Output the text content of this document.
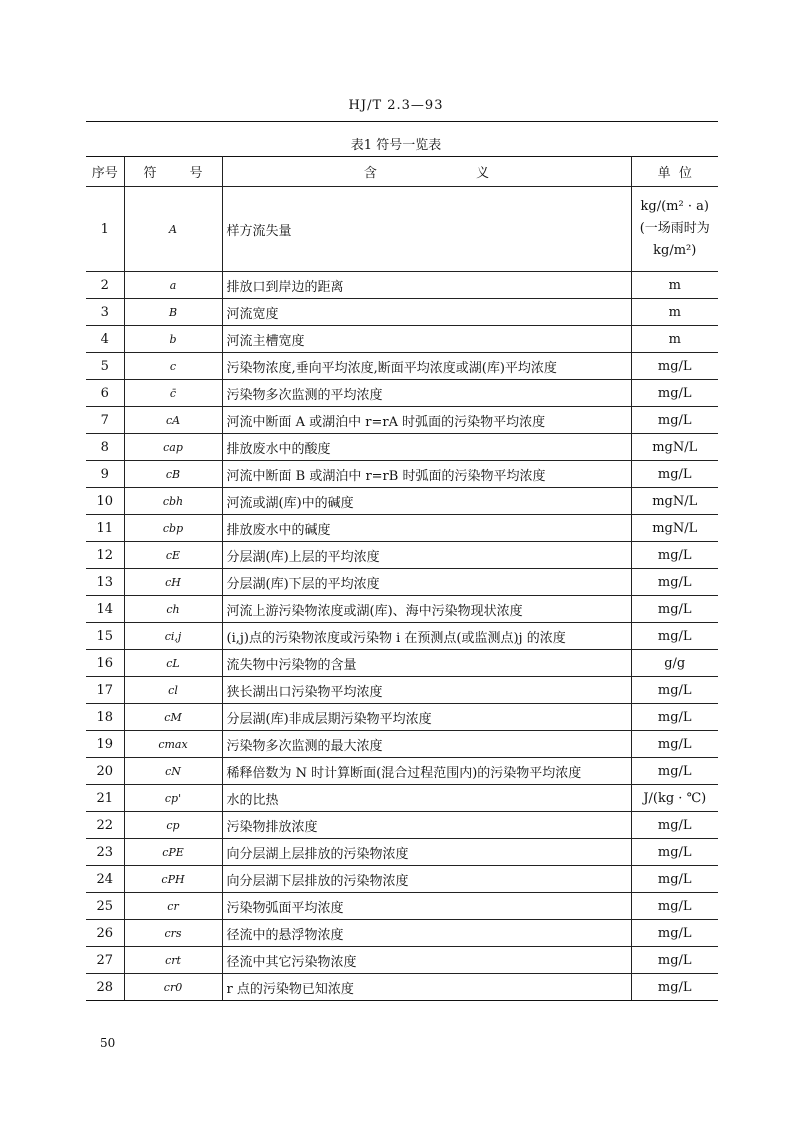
HJ/T 2.3—93
表1 符号一览表
序号	符        号	含                        义	单  位
1	A	样方流失量	kg/(m² · a)
(一场雨时为
kg/m²)
2	a	排放口到岸边的距离	m
3	B	河流宽度	m
4	b	河流主槽宽度	m
5	c	污染物浓度,垂向平均浓度,断面平均浓度或湖(库)平均浓度	mg/L
6	c̄	污染物多次监测的平均浓度	mg/L
7	cA	河流中断面 A 或湖泊中 r=rA 时弧面的污染物平均浓度	mg/L
8	cap	排放废水中的酸度	mgN/L
9	cB	河流中断面 B 或湖泊中 r=rB 时弧面的污染物平均浓度	mg/L
10	cbh	河流或湖(库)中的碱度	mgN/L
11	cbp	排放废水中的碱度	mgN/L
12	cE	分层湖(库)上层的平均浓度	mg/L
13	cH	分层湖(库)下层的平均浓度	mg/L
14	ch	河流上游污染物浓度或湖(库)、海中污染物现状浓度	mg/L
15	ci,j	(i,j)点的污染物浓度或污染物 i 在预测点(或监测点)j 的浓度	mg/L
16	cL	流失物中污染物的含量	g/g
17	cl	狭长湖出口污染物平均浓度	mg/L
18	cM	分层湖(库)非成层期污染物平均浓度	mg/L
19	cmax	污染物多次监测的最大浓度	mg/L
20	cN	稀释倍数为 N 时计算断面(混合过程范围内)的污染物平均浓度	mg/L
21	cp'	水的比热	J/(kg · ℃)
22	cp	污染物排放浓度	mg/L
23	cPE	向分层湖上层排放的污染物浓度	mg/L
24	cPH	向分层湖下层排放的污染物浓度	mg/L
25	cr	污染物弧面平均浓度	mg/L
26	crs	径流中的悬浮物浓度	mg/L
27	crt	径流中其它污染物浓度	mg/L
28	cr0	r 点的污染物已知浓度	mg/L
50
